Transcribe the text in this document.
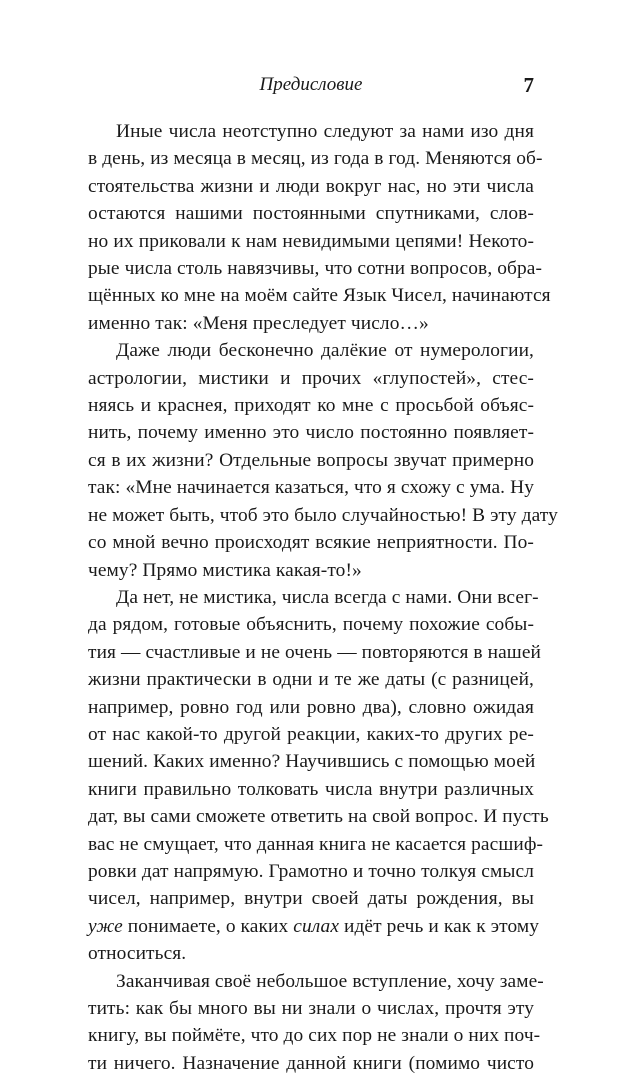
Предисловие	7
Иные числа неотступно следуют за нами изо дня
в день, из месяца в месяц, из года в год. Меняются об-
стоятельства жизни и люди вокруг нас, но эти числа
остаются нашими постоянными спутниками, слов-
но их приковали к нам невидимыми цепями! Некото-
рые числа столь навязчивы, что сотни вопросов, обра-
щённых ко мне на моём сайте Язык Чисел, начинаются
именно так: «Меня преследует число…»
Даже люди бесконечно далёкие от нумерологии,
астрологии, мистики и прочих «глупостей», стес-
няясь и краснея, приходят ко мне с просьбой объяс-
нить, почему именно это число постоянно появляет-
ся в их жизни? Отдельные вопросы звучат примерно
так: «Мне начинается казаться, что я схожу с ума. Ну
не может быть, чтоб это было случайностью! В эту дату
со мной вечно происходят всякие неприятности. По-
чему? Прямо мистика какая-то!»
Да нет, не мистика, числа всегда с нами. Они всег-
да рядом, готовые объяснить, почему похожие собы-
тия — счастливые и не очень — повторяются в нашей
жизни практически в одни и те же даты (с разницей,
например, ровно год или ровно два), словно ожидая
от нас какой-то другой реакции, каких-то других ре-
шений. Каких именно? Научившись с помощью моей
книги правильно толковать числа внутри различных
дат, вы сами сможете ответить на свой вопрос. И пусть
вас не смущает, что данная книга не касается расшиф-
ровки дат напрямую. Грамотно и точно толкуя смысл
чисел, например, внутри своей даты рождения, вы
уже понимаете, о каких силах идёт речь и как к этому
относиться.
Заканчивая своё небольшое вступление, хочу заме-
тить: как бы много вы ни знали о числах, прочтя эту
книгу, вы поймёте, что до сих пор не знали о них поч-
ти ничего. Назначение данной книги (помимо чисто
